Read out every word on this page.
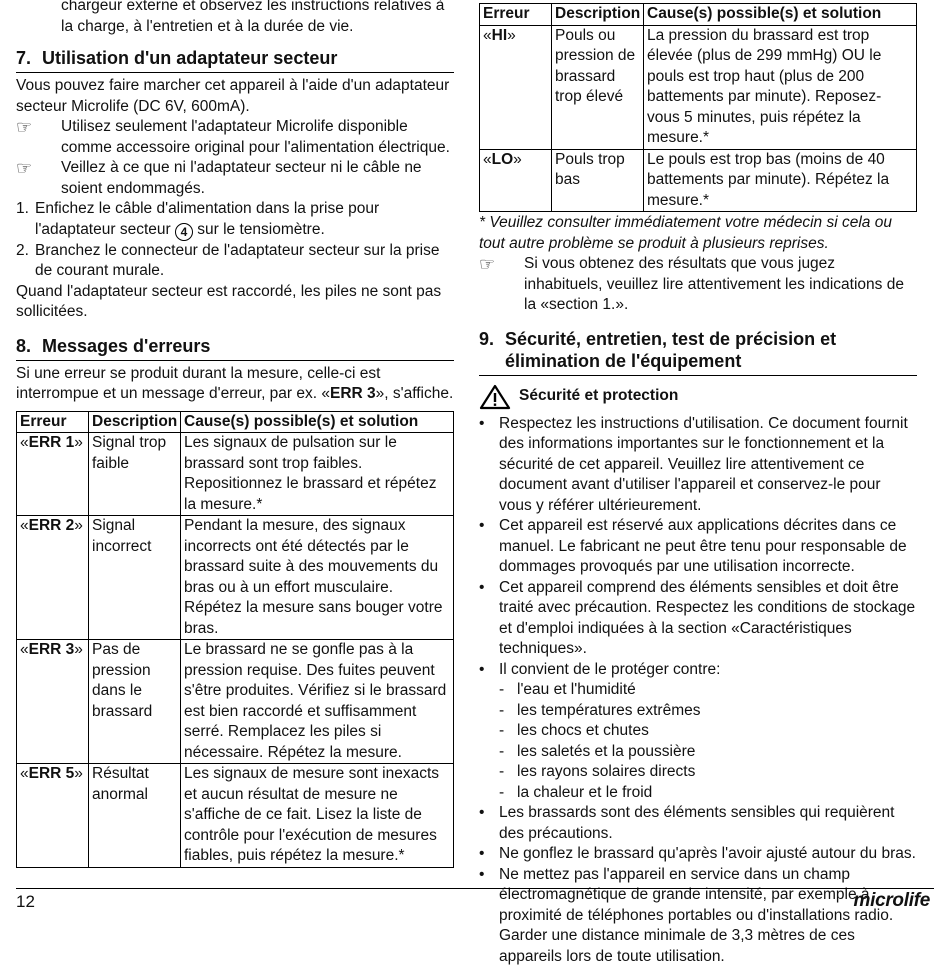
chargeur externe et observez les instructions relatives à la charge, à l'entretien et à la durée de vie.

7. Utilisation d'un adaptateur secteur

Vous pouvez faire marcher cet appareil à l'aide d'un adaptateur secteur Microlife (DC 6V, 600mA).

☞	Utilisez seulement l'adaptateur Microlife disponible comme accessoire original pour l'alimentation électrique.
☞	Veillez à ce que ni l'adaptateur secteur ni le câble ne soient endommagés.
1. Enfichez le câble d'alimentation dans la prise pour l'adaptateur secteur 4 sur le tensiomètre.
2. Branchez le connecteur de l'adaptateur secteur sur la prise de courant murale.

Quand l'adaptateur secteur est raccordé, les piles ne sont pas sollicitées.

8. Messages d'erreurs

Si une erreur se produit durant la mesure, celle-ci est interrompue et un message d'erreur, par ex. «ERR 3», s'affiche.

Erreur	Description	Cause(s) possible(s) et solution
«ERR 1»	Signal trop faible	Les signaux de pulsation sur le brassard sont trop faibles. Repositionnez le brassard et répétez la mesure.*
«ERR 2»	Signal incorrect	Pendant la mesure, des signaux incorrects ont été détectés par le brassard suite à des mouvements du bras ou à un effort musculaire. Répétez la mesure sans bouger votre bras.
«ERR 3»	Pas de pression dans le brassard	Le brassard ne se gonfle pas à la pression requise. Des fuites peuvent s'être produites. Vérifiez si le brassard est bien raccordé et suffisamment serré. Remplacez les piles si nécessaire. Répétez la mesure.
«ERR 5»	Résultat anormal	Les signaux de mesure sont inexacts et aucun résultat de mesure ne s'affiche de ce fait. Lisez la liste de contrôle pour l'exécution de mesures fiables, puis répétez la mesure.*
Erreur	Description	Cause(s) possible(s) et solution
«HI»	Pouls ou pression de brassard trop élevé	La pression du brassard est trop élevée (plus de 299 mmHg) OU le pouls est trop haut (plus de 200 battements par minute). Reposez-vous 5 minutes, puis répétez la mesure.*
«LO»	Pouls trop bas	Le pouls est trop bas (moins de 40 battements par minute). Répétez la mesure.*

* Veuillez consulter immédiatement votre médecin si cela ou tout autre problème se produit à plusieurs reprises.

☞	Si vous obtenez des résultats que vous jugez inhabituels, veuillez lire attentivement les indications de la «section 1.».
9. Sécurité, entretien, test de précision et élimination de l'équipement
Sécurité et protection
• Respectez les instructions d'utilisation. Ce document fournit des informations importantes sur le fonctionnement et la sécurité de cet appareil. Veuillez lire attentivement ce document avant d'utiliser l'appareil et conservez-le pour vous y référer ultérieurement.
• Cet appareil est réservé aux applications décrites dans ce manuel. Le fabricant ne peut être tenu pour responsable de dommages provoqués par une utilisation incorrecte.
• Cet appareil comprend des éléments sensibles et doit être traité avec précaution. Respectez les conditions de stockage et d'emploi indiquées à la section «Caractéristiques techniques».
• Il convient de le protéger contre:
- l'eau et l'humidité
- les températures extrêmes
- les chocs et chutes
- les saletés et la poussière
- les rayons solaires directs
- la chaleur et le froid
• Les brassards sont des éléments sensibles qui requièrent des précautions.
• Ne gonflez le brassard qu'après l'avoir ajusté autour du bras.
• Ne mettez pas l'appareil en service dans un champ électromagnétique de grande intensité, par exemple à proximité de téléphones portables ou d'installations radio. Garder une distance minimale de 3,3 mètres de ces appareils lors de toute utilisation.
12	microlife
